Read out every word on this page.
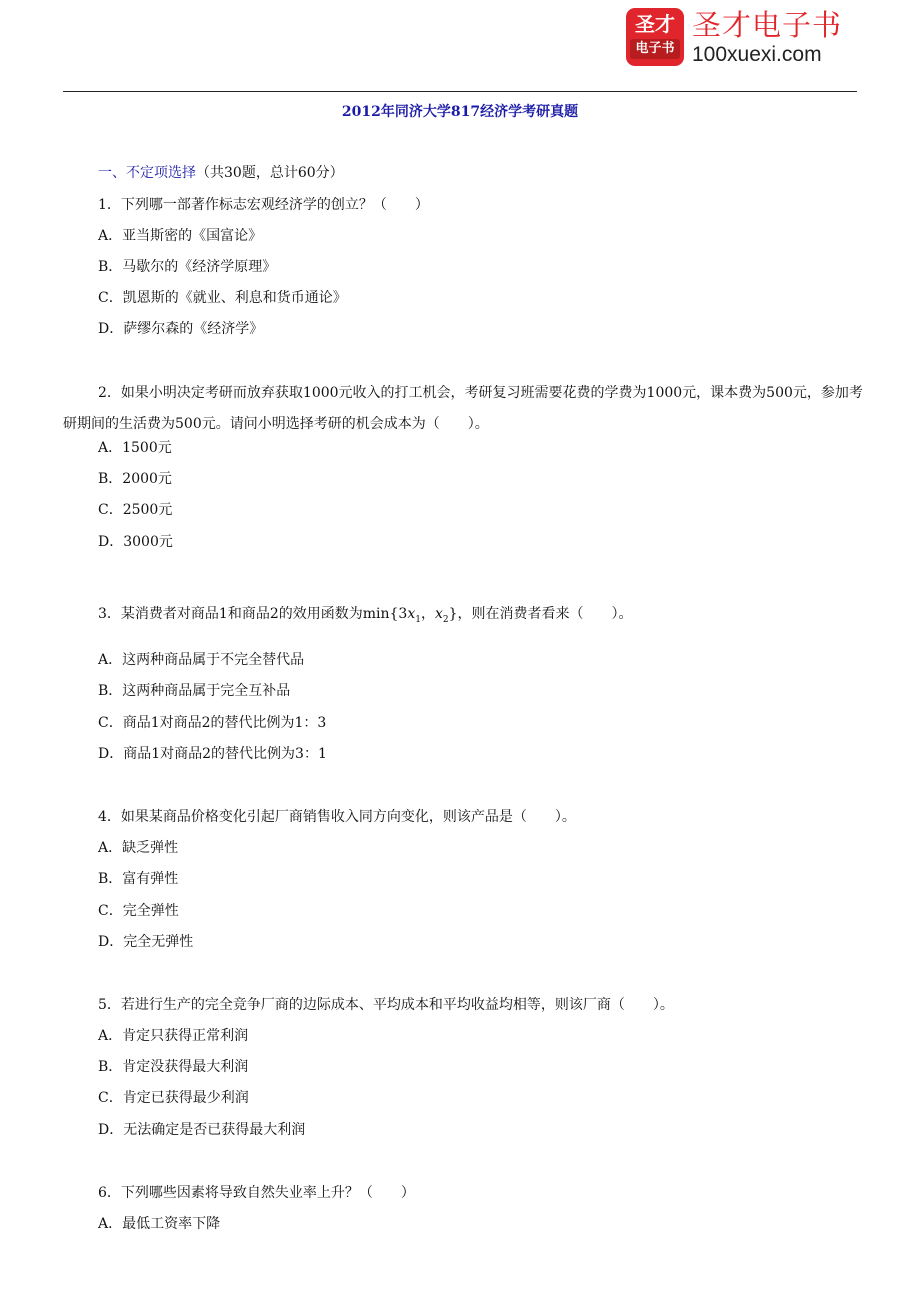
圣才
电子书
圣才电子书
100xuexi.com
2012年同济大学817经济学考研真题
一、不定项选择（共30题，总计60分）
1．下列哪一部著作标志宏观经济学的创立？（　　）
A．亚当斯密的《国富论》
B．马歇尔的《经济学原理》
C．凯恩斯的《就业、利息和货币通论》
D．萨缪尔森的《经济学》
2．如果小明决定考研而放弃获取1000元收入的打工机会，考研复习班需要花费的学费为1000元，课本费为500元，参加考研期间的生活费为500元。请问小明选择考研的机会成本为（　　）。
A．1500元
B．2000元
C．2500元
D．3000元
3．某消费者对商品1和商品2的效用函数为$\min\{3x_1$，$x_2$}，则在消费者看来（　　）。
A．这两种商品属于不完全替代品
B．这两种商品属于完全互补品
C．商品1对商品2的替代比例为1：3
D．商品1对商品2的替代比例为3：1
4．如果某商品价格变化引起厂商销售收入同方向变化，则该产品是（　　）。
A．缺乏弹性
B．富有弹性
C．完全弹性
D．完全无弹性
5．若进行生产的完全竞争厂商的边际成本、平均成本和平均收益均相等，则该厂商（　　）。
A．肯定只获得正常利润
B．肯定没获得最大利润
C．肯定已获得最少利润
D．无法确定是否已获得最大利润
6．下列哪些因素将导致自然失业率上升？（　　）
A．最低工资率下降
